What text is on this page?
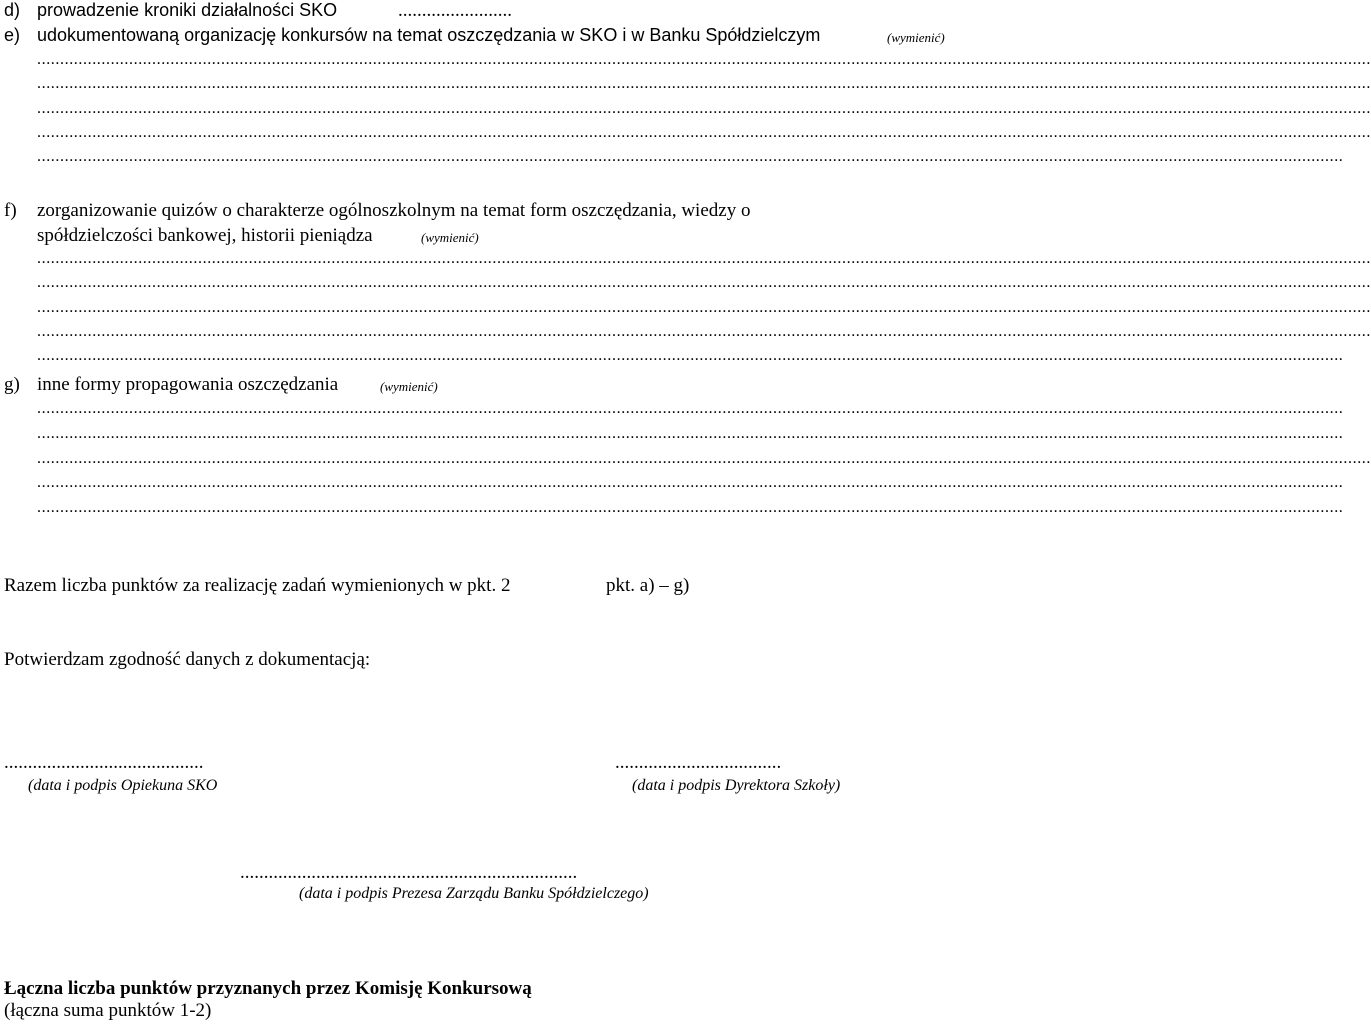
d) prowadzenie kroniki działalności SKO	........................
e) udokumentowaną organizację konkursów na temat oszczędzania w SKO i w Banku Spółdzielczym	(wymienić)
..................................................................................................................................................................................................................................................................................................
..................................................................................................................................................................................................................................................................................................
..................................................................................................................................................................................................................................................................................................
..................................................................................................................................................................................................................................................................................................
............................................................................................................................................................................................................................................................................................
f) zorganizowanie quizów o charakterze ogólnoszkolnym na temat form oszczędzania, wiedzy o
spółdzielczości bankowej, historii pieniądza	(wymienić)
..................................................................................................................................................................................................................................................................................................
..................................................................................................................................................................................................................................................................................................
..................................................................................................................................................................................................................................................................................................
..................................................................................................................................................................................................................................................................................................
............................................................................................................................................................................................................................................................................................
g) inne formy propagowania oszczędzania	(wymienić)
............................................................................................................................................................................................................................................................................................
............................................................................................................................................................................................................................................................................................
..................................................................................................................................................................................................................................................................................................
............................................................................................................................................................................................................................................................................................
............................................................................................................................................................................................................................................................................................
Razem liczba punktów za realizację zadań wymienionych w pkt. 2	pkt. a) – g)
Potwierdzam zgodność danych z dokumentacją:
..........................................
(data i podpis Opiekuna SKO
...................................
(data i podpis Dyrektora Szkoły)
.......................................................................
(data i podpis Prezesa Zarządu Banku Spółdzielczego)
Łączna liczba punktów przyznanych przez Komisję Konkursową
(łączna suma punktów 1-2)
